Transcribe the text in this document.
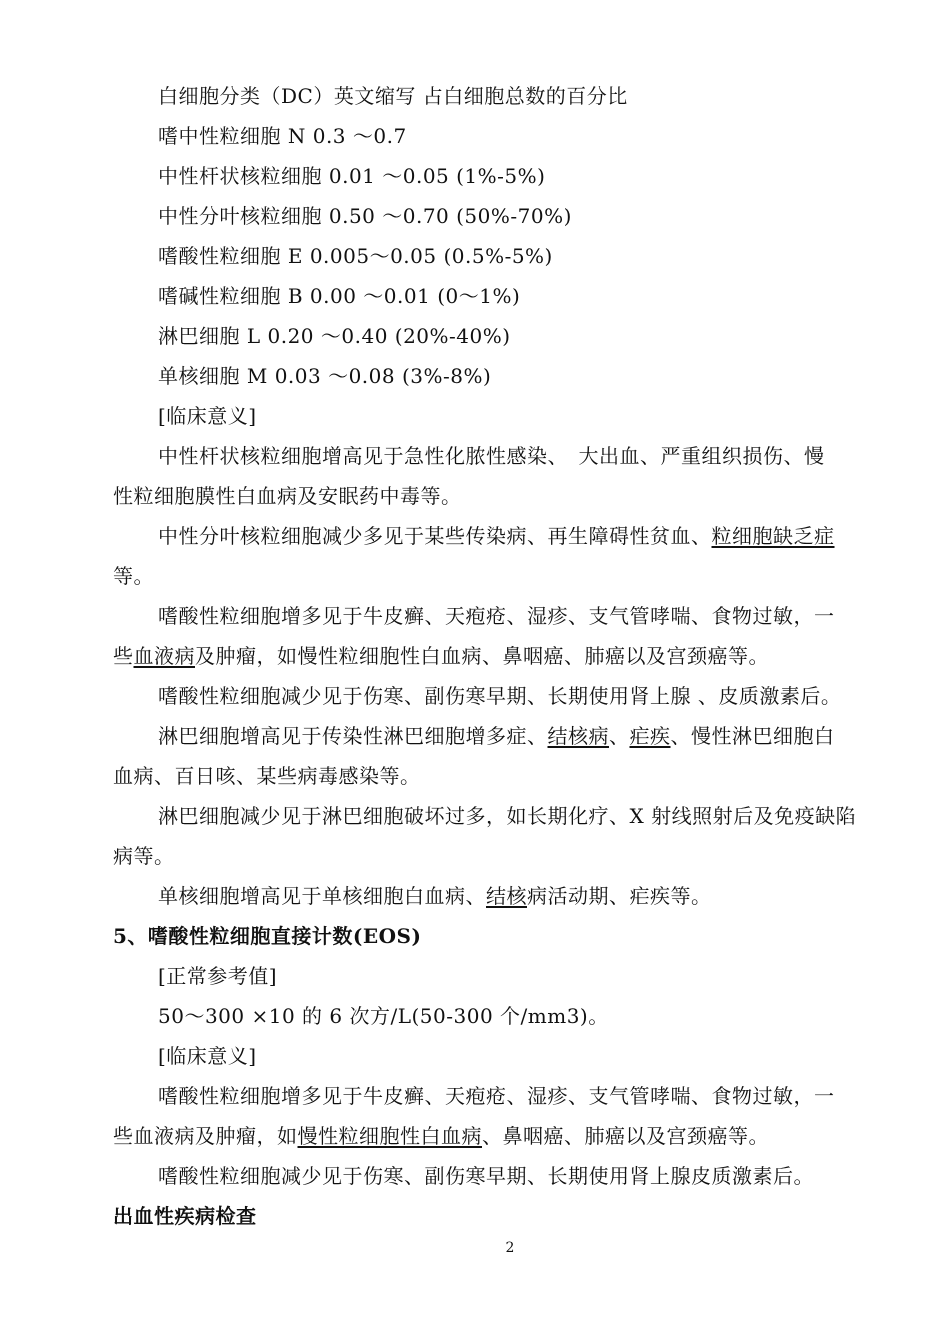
白细胞分类（DC）英文缩写 占白细胞总数的百分比
嗜中性粒细胞 N 0.3 ～0.7
中性杆状核粒细胞 0.01 ～0.05 (1%-5%)
中性分叶核粒细胞 0.50 ～0.70 (50%-70%)
嗜酸性粒细胞 E 0.005～0.05 (0.5%-5%)
嗜碱性粒细胞 B 0.00 ～0.01 (0～1%)
淋巴细胞 L 0.20 ～0.40 (20%-40%)
单核细胞 M 0.03 ～0.08 (3%-8%)
[临床意义]
中性杆状核粒细胞增高见于急性化脓性感染、　大出血、严重组织损伤、慢
性粒细胞膜性白血病及安眠药中毒等。
中性分叶核粒细胞减少多见于某些传染病、再生障碍性贫血、粒细胞缺乏症
等。
嗜酸性粒细胞增多见于牛皮癣、天疱疮、湿疹、支气管哮喘、食物过敏，一
些血液病及肿瘤，如慢性粒细胞性白血病、鼻咽癌、肺癌以及宫颈癌等。
嗜酸性粒细胞减少见于伤寒、副伤寒早期、长期使用肾上腺 、皮质激素后。
淋巴细胞增高见于传染性淋巴细胞增多症、结核病、疟疾、慢性淋巴细胞白
血病、百日咳、某些病毒感染等。
淋巴细胞减少见于淋巴细胞破坏过多，如长期化疗、X 射线照射后及免疫缺陷
病等。
单核细胞增高见于单核细胞白血病、结核病活动期、疟疾等。
5、嗜酸性粒细胞直接计数(EOS)
[正常参考值]
50～300 ×10 的 6 次方/L(50-300 个/mm3)。
[临床意义]
嗜酸性粒细胞增多见于牛皮癣、天疱疮、湿疹、支气管哮喘、食物过敏，一
些血液病及肿瘤，如慢性粒细胞性白血病、鼻咽癌、肺癌以及宫颈癌等。
嗜酸性粒细胞减少见于伤寒、副伤寒早期、长期使用肾上腺皮质激素后。
出血性疾病检查
2
